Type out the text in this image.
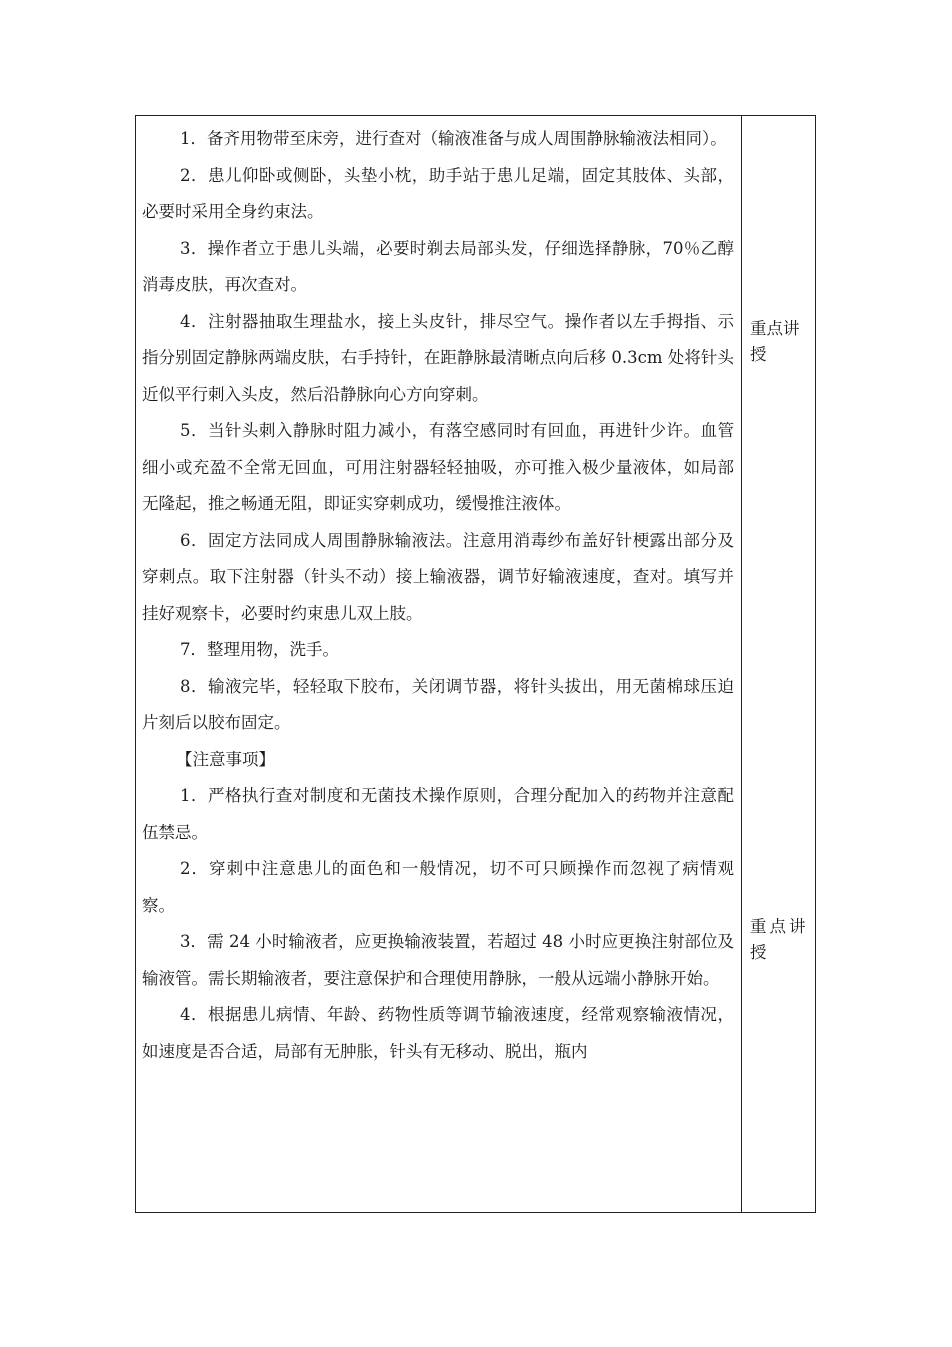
1．备齐用物带至床旁，进行查对（输液准备与成人周围静脉输液法相同）。

2．患儿仰卧或侧卧，头垫小枕，助手站于患儿足端，固定其肢体、头部，必要时采用全身约束法。

3．操作者立于患儿头端，必要时剃去局部头发，仔细选择静脉，70％乙醇消毒皮肤，再次查对。

4．注射器抽取生理盐水，接上头皮针，排尽空气。操作者以左手拇指、示指分别固定静脉两端皮肤，右手持针，在距静脉最清晰点向后移 0.3cm 处将针头近似平行刺入头皮，然后沿静脉向心方向穿刺。

5．当针头刺入静脉时阻力减小，有落空感同时有回血，再进针少许。血管细小或充盈不全常无回血，可用注射器轻轻抽吸，亦可推入极少量液体，如局部无隆起，推之畅通无阻，即证实穿刺成功，缓慢推注液体。

6．固定方法同成人周围静脉输液法。注意用消毒纱布盖好针梗露出部分及穿刺点。取下注射器（针头不动）接上输液器，调节好输液速度，查对。填写并挂好观察卡，必要时约束患儿双上肢。

7．整理用物，洗手。

8．输液完毕，轻轻取下胶布，关闭调节器，将针头拔出，用无菌棉球压迫片刻后以胶布固定。

【注意事项】

1．严格执行查对制度和无菌技术操作原则，合理分配加入的药物并注意配伍禁忌。

2．穿刺中注意患儿的面色和一般情况，切不可只顾操作而忽视了病情观察。

3．需 24 小时输液者，应更换输液装置，若超过 48 小时应更换注射部位及输液管。需长期输液者，要注意保护和合理使用静脉，一般从远端小静脉开始。

4．根据患儿病情、年龄、药物性质等调节输液速度，经常观察输液情况，如速度是否合适，局部有无肿胀，针头有无移动、脱出，瓶内

重点讲授
重点讲授
